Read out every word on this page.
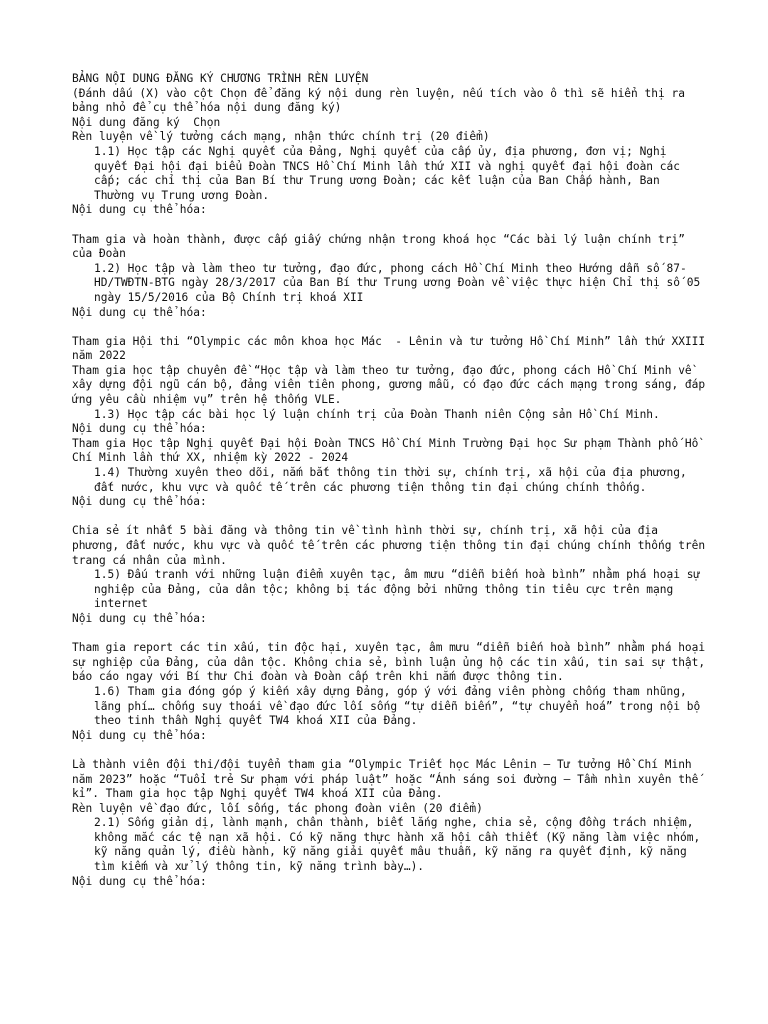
BẢNG NỘI DUNG ĐĂNG KÝ CHƯƠNG TRÌNH RÈN LUYỆN

(Đánh dấu (X) vào cột Chọn để đăng ký nội dung rèn luyện, nếu tích vào ô thì sẽ hiển thị ra bảng nhỏ để cụ thể hóa nội dung đăng ký)

Nội dung đăng ký  Chọn

Rèn luyện về lý tưởng cách mạng, nhận thức chính trị (20 điểm)

1.1) Học tập các Nghị quyết của Đảng, Nghị quyết của cấp ủy, địa phương, đơn vị; Nghị quyết Đại hội đại biểu Đoàn TNCS Hồ Chí Minh lần thứ XII và nghị quyết đại hội đoàn các cấp; các chỉ thị của Ban Bí thư Trung ương Đoàn; các kết luận của Ban Chấp hành, Ban Thường vụ Trung ương Đoàn.

Nội dung cụ thể hóa:

Tham gia và hoàn thành, được cấp giấy chứng nhận trong khoá học “Các bài lý luận chính trị” của Đoàn

1.2) Học tập và làm theo tư tưởng, đạo đức, phong cách Hồ Chí Minh theo Hướng dẫn số 87-HD/TWĐTN-BTG ngày 28/3/2017 của Ban Bí thư Trung ương Đoàn về việc thực hiện Chỉ thị số 05 ngày 15/5/2016 của Bộ Chính trị khoá XII

Nội dung cụ thể hóa:

Tham gia Hội thi “Olympic các môn khoa học Mác  - Lênin và tư tưởng Hồ Chí Minh” lần thứ XXIII năm 2022

Tham gia học tập chuyên đề “Học tập và làm theo tư tưởng, đạo đức, phong cách Hồ Chí Minh về xây dựng đội ngũ cán bộ, đảng viên tiên phong, gương mẫu, có đạo đức cách mạng trong sáng, đáp ứng yêu cầu nhiệm vụ” trên hệ thống VLE.

1.3) Học tập các bài học lý luận chính trị của Đoàn Thanh niên Cộng sản Hồ Chí Minh.

Nội dung cụ thể hóa:

Tham gia Học tập Nghị quyết Đại hội Đoàn TNCS Hồ Chí Minh Trường Đại học Sư phạm Thành phố Hồ Chí Minh lần thứ XX, nhiệm kỳ 2022 - 2024

1.4) Thường xuyên theo dõi, nắm bắt thông tin thời sự, chính trị, xã hội của địa phương, đất nước, khu vực và quốc tế trên các phương tiện thông tin đại chúng chính thống.

Nội dung cụ thể hóa:

Chia sẻ ít nhất 5 bài đăng và thông tin về tình hình thời sự, chính trị, xã hội của địa phương, đất nước, khu vực và quốc tế trên các phương tiện thông tin đại chúng chính thống trên trang cá nhân của mình.

1.5) Đấu tranh với những luận điểm xuyên tạc, âm mưu “diễn biến hoà bình” nhằm phá hoại sự nghiệp của Đảng, của dân tộc; không bị tác động bởi những thông tin tiêu cực trên mạng internet

Nội dung cụ thể hóa:

Tham gia report các tin xấu, tin độc hại, xuyên tạc, âm mưu “diễn biến hoà bình” nhằm phá hoại sự nghiệp của Đảng, của dân tộc. Không chia sẻ, bình luận ủng hộ các tin xấu, tin sai sự thật, báo cáo ngay với Bí thư Chi đoàn và Đoàn cấp trên khi nắm được thông tin.

1.6) Tham gia đóng góp ý kiến xây dựng Đảng, góp ý với đảng viên phòng chống tham nhũng, lãng phí… chống suy thoái về đạo đức lối sống “tự diễn biến”, “tự chuyển hoá” trong nội bộ theo tinh thần Nghị quyết TW4 khoá XII của Đảng.

Nội dung cụ thể hóa:

Là thành viên đội thi/đội tuyển tham gia “Olympic Triết học Mác Lênin – Tư tưởng Hồ Chí Minh năm 2023” hoặc “Tuổi trẻ Sư phạm với pháp luật” hoặc “Ánh sáng soi đường – Tầm nhìn xuyên thế kỉ”. Tham gia học tập Nghị quyết TW4 khoá XII của Đảng.

Rèn luyện về đạo đức, lối sống, tác phong đoàn viên (20 điểm)

2.1) Sống giản dị, lành mạnh, chân thành, biết lắng nghe, chia sẻ, cộng đồng trách nhiệm, không mắc các tệ nạn xã hội. Có kỹ năng thực hành xã hội cần thiết (Kỹ năng làm việc nhóm, kỹ năng quản lý, điều hành, kỹ năng giải quyết mâu thuẫn, kỹ năng ra quyết định, kỹ năng tìm kiếm và xử lý thông tin, kỹ năng trình bày…).

Nội dung cụ thể hóa:
